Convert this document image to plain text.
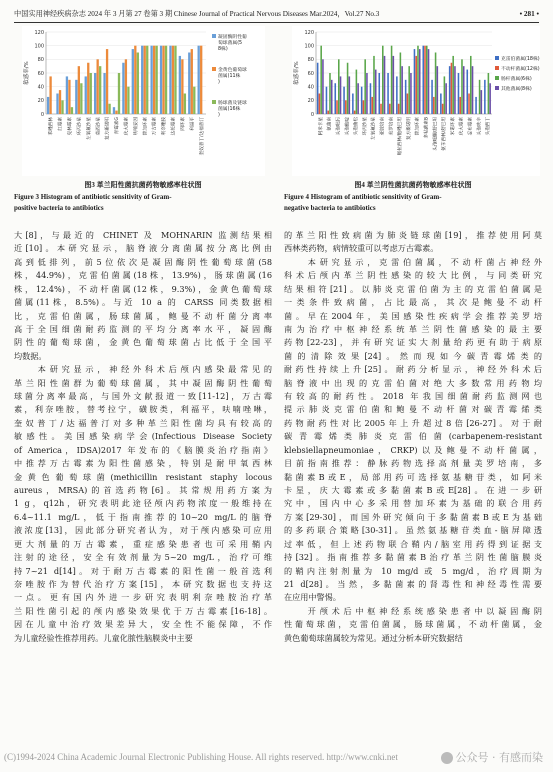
中国实用神经疾病杂志 2024 年 3 月第 27 卷第 3 期 Chinese Journal of Practical Nervous Diseases Mar.2024，Vol.27 No.3	• 281 •
敏感率/%
0
20
40
60
80
100
120
苯唑西林 红霉素 克林霉素 环丙沙星 左氧氟沙星 莫西沙星 复方新诺明 青霉素G 庆大霉素 呋喃妥因 替加环素 万古霉素 利奈唑胺 达托霉素 四环素 利福平 奎奴普丁/达福普汀
凝固酶阴性葡萄球菌属(5 8株)
金黄色葡萄球菌属(11株)
肠球菌及链球菌属(16株)
敏感率/%
0
20
40
60
80
100
120
阿米卡星 氨曲南 头孢吡肟 头孢他啶 头孢曲松 环丙沙星 左氧氟沙星 亚胺培南 美罗培南 哌拉西林/他唑巴坦 复方新诺明 替加环素 多粘菌素B 头孢哌酮/舒巴坦 氨苄西林/舒巴坦 米诺环素 庆大霉素 妥布霉素 头孢呋辛 头孢西丁
克雷伯菌属(18株)
不动杆菌属(12株)
肠杆菌属(6株)
其他菌属(8株)
图3 革兰阳性菌抗菌药物敏感率柱状图
Figure 3 Histogram of antibiotic sensitivity of Gram-
positive bacteria to antibiotics
图4 革兰阴性菌抗菌药物敏感率柱状图
Figure 4 Histogram of antibiotic sensitivity of Gram-
negative bacteria to antibiotics
大[8]，与最近的 CHINET 及 MOHNARIN 监测结果相
近[10]。本研究显示，脑脊液分离菌属按分离比例由
高到低排列，前5位依次是凝固酶阴性葡萄球菌(58
株，44.9%)，克雷伯菌属(18株，13.9%)，肠球菌属(16
株，12.4%)，不动杆菌属(12株，9.3%)，金黄色葡萄球
菌属(11株，8.5%)。与近 10 a 的 CARSS 同类数据相
比，克雷伯菌属，肠球菌属，鲍曼不动杆菌分离率
高于全国细菌耐药监测的平均分离率水平，凝固酶
阴性的葡萄球菌，金黄色葡萄球菌占比低于全国平
均数据。
　　本研究显示，神经外科术后颅内感染最常见的
革兰阳性菌群为葡萄球菌属，其中凝固酶阴性葡萄
球菌分离率最高，与国外文献报道一致[11-12]，万古霉
素，利奈唑胺，替考拉宁，磺胺类，利福平，呋喃唑啉，
奎奴普丁/达福普汀对多种革兰阳性菌均具有较高的
敏感性。美国感染病学会(Infectious Disease Society
of America，IDSA)2017 年发布的《脑膜炎治疗指南》
中推荐万古霉素为阳性菌感染，特别是耐甲氧西林
金黄色葡萄球菌(methicillin resistant staphy locous
aureus，MRSA)的首选药物[6]。其常规用药方案为
1 g，q12h，研究表明此途径颅内药物浓度一般维持在
6.4~11.1 mg/L，低于指南推荐的10~20 mg/L的脑脊
液浓度[13]，因此部分研究者认为，对于颅内感染可应用
更大剂量的万古霉素，重症感染患者也可采用鞘内
注射的途径，安全有效剂量为5~20 mg/L，治疗可维
持7~21 d[14]。对于耐万古霉素的阳性菌一般首选利
奈唑胺作为替代治疗方案[15]，本研究数据也支持这
一点。更有国内外进一步研究表明利奈唑胺治疗革
兰阳性菌引起的颅内感染效果优于万古霉素[16-18]。
因在儿童中治疗效果差异大，安全性不能保障，不作
为儿童经验性推荐用药。儿童化脓性脑膜炎中主要
的革兰阳性致病菌为肺炎链球菌[19]，推荐使用阿莫
西林类药物，病情较重可以考虑万古霉素。
　　本研究显示，克雷伯菌属，不动杆菌占神经外
科术后颅内革兰阴性感染的较大比例，与同类研究
结果相符[21]。以肺炎克雷伯菌为主的克雷伯菌属是
一类条件致病菌，占比最高，其次是鲍曼不动杆
菌。早在2004年，美国感染性疾病学会推荐美罗培
南为治疗中枢神经系统革兰阴性菌感染的最主要
药物[22-23]，并有研究证实大剂量给药更有助于病原
菌的清除效果[24]。然而现如今碳青霉烯类的
耐药性持续上升[25]。耐药分析显示，神经外科术后
脑脊液中出现的克雷伯菌对绝大多数常用药物均
有较高的耐药性。2018 年我国细菌耐药监测网也
提示肺炎克雷伯菌和鲍曼不动杆菌对碳青霉烯类
药物耐药性对比2005年上升超过8倍[26-27]。对于耐
碳青霉烯类肺炎克雷伯菌(carbapenem-resistant
klebsiellapneumoniae，CRKP)以及鲍曼不动杆菌属，
目前指南推荐：静脉药物选择高剂量美罗培南，多
黏菌素B或E，局部用药可选择氨基糖苷类，如阿米
卡星，庆大霉素或多黏菌素B或E[28]。在进一步研
究中，国内中心多采用替加环素为基础的联合用药
方案[29-30]，而国外研究倾向于多黏菌素B或E为基础
的多药联合策略[30-31]。虽然氨基糖苷类血-脑屏障透
过率低，但上述药物联合鞘内/脑室用药得到证据支
持[32]。指南推荐多黏菌素B治疗革兰阴性菌脑膜炎
的鞘内注射剂量为 10 mg/d 或 5 mg/d，治疗周期为
21 d[28]。当然，多黏菌素的肾毒性和神经毒性需要
在应用中警惕。
　　开颅术后中枢神经系统感染患者中以凝固酶阴
性葡萄球菌，克雷伯菌属，肠球菌属，不动杆菌属，金
黄色葡萄球菌属较为常见。通过分析本研究数据结
(C)1994-2024 China Academic Journal Electronic Publishing House. All rights reserved. http://www.cnki.net	公众号 · 有感而染
